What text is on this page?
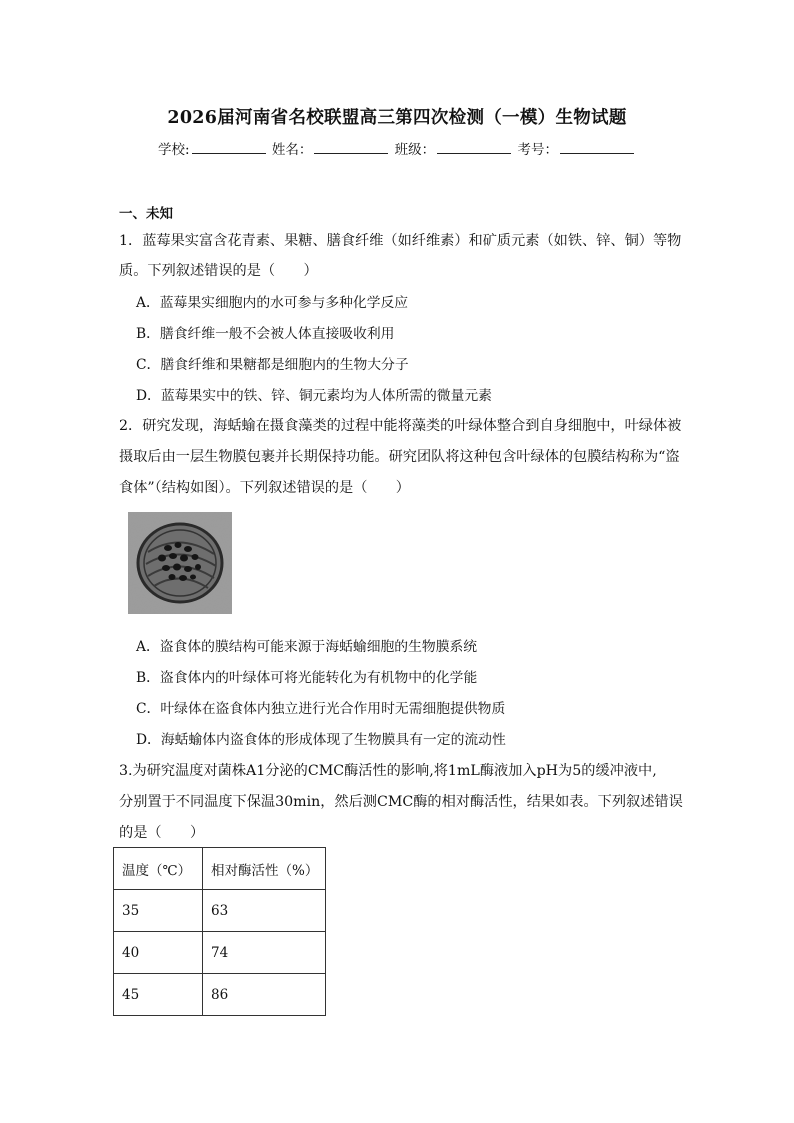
2026届河南省名校联盟高三第四次检测（一模）生物试题
学校:	姓名：	班级：	考号：
一、未知
1．蓝莓果实富含花青素、果糖、膳食纤维（如纤维素）和矿质元素（如铁、锌、铜）等物
质。下列叙述错误的是（　　）
A．蓝莓果实细胞内的水可参与多种化学反应
B．膳食纤维一般不会被人体直接吸收利用
C．膳食纤维和果糖都是细胞内的生物大分子
D．蓝莓果实中的铁、锌、铜元素均为人体所需的微量元素
2．研究发现，海蛞蝓在摄食藻类的过程中能将藻类的叶绿体整合到自身细胞中，叶绿体被
摄取后由一层生物膜包裹并长期保持功能。研究团队将这种包含叶绿体的包膜结构称为“盗
食体”（结构如图）。下列叙述错误的是（　　）
A．盗食体的膜结构可能来源于海蛞蝓细胞的生物膜系统
B．盗食体内的叶绿体可将光能转化为有机物中的化学能
C．叶绿体在盗食体内独立进行光合作用时无需细胞提供物质
D．海蛞蝓体内盗食体的形成体现了生物膜具有一定的流动性
3.为研究温度对菌株A1分泌的CMC酶活性的影响,将1mL酶液加入pH为5的缓冲液中,
分别置于不同温度下保温30min，然后测CMC酶的相对酶活性，结果如表。下列叙述错误
的是（　　）
温度（℃）	相对酶活性（%）
35	63
40	74
45	86
